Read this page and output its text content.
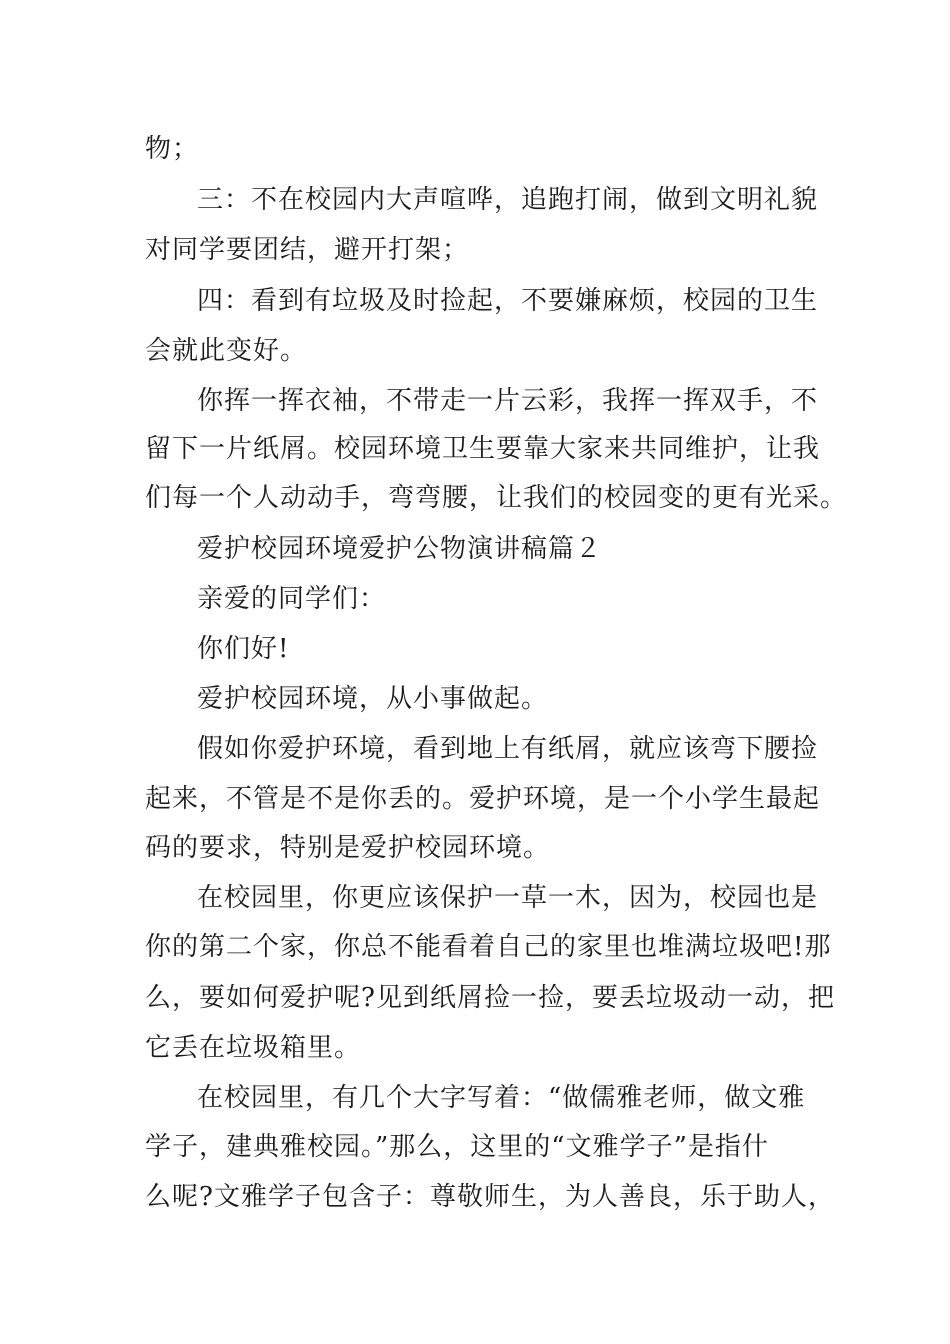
物；
三：不在校园内大声喧哗，追跑打闹，做到文明礼貌
对同学要团结，避开打架；
四：看到有垃圾及时捡起，不要嫌麻烦，校园的卫生
会就此变好。
你挥一挥衣袖，不带走一片云彩，我挥一挥双手，不
留下一片纸屑。校园环境卫生要靠大家来共同维护，让我
们每一个人动动手，弯弯腰，让我们的校园变的更有光采。
爱护校园环境爱护公物演讲稿篇２
亲爱的同学们：
你们好!
爱护校园环境，从小事做起。
假如你爱护环境，看到地上有纸屑，就应该弯下腰捡
起来，不管是不是你丢的。爱护环境，是一个小学生最起
码的要求，特别是爱护校园环境。
在校园里，你更应该保护一草一木，因为，校园也是
你的第二个家，你总不能看着自己的家里也堆满垃圾吧!那
么，要如何爱护呢?见到纸屑捡一捡，要丢垃圾动一动，把
它丢在垃圾箱里。
在校园里，有几个大字写着：“做儒雅老师，做文雅
学子，建典雅校园。”那么，这里的“文雅学子”是指什
么呢?文雅学子包含子：尊敬师生，为人善良，乐于助人，
